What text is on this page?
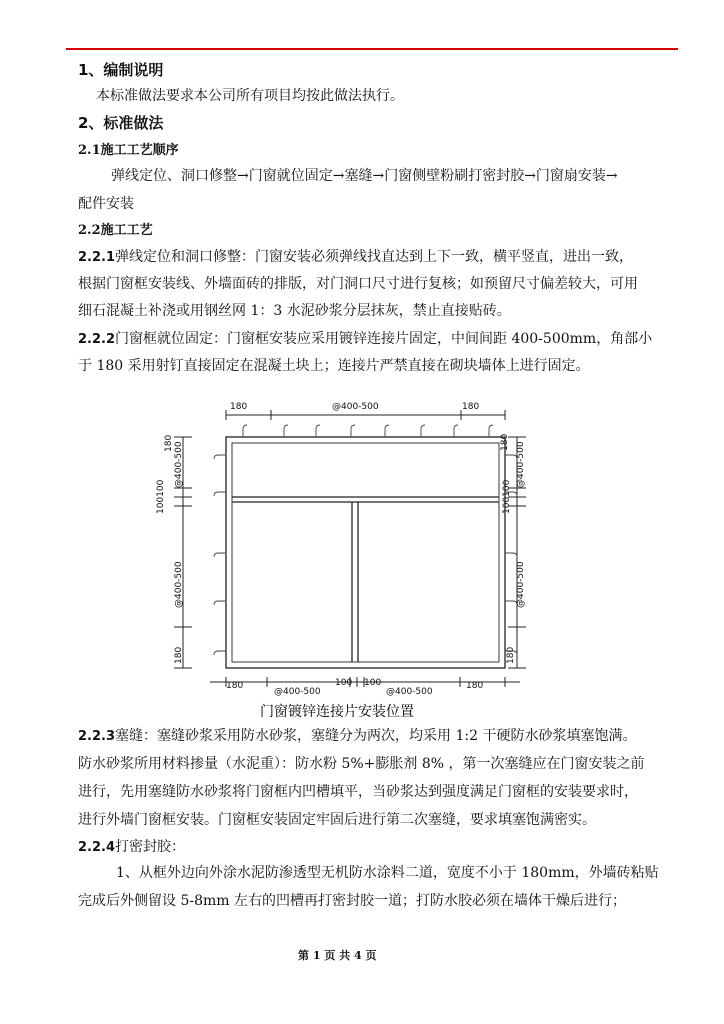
1、编制说明
本标准做法要求本公司所有项目均按此做法执行。
2、标准做法
2.1施工工艺顺序
弹线定位、洞口修整→门窗就位固定→塞缝→门窗侧壁粉刷打密封胶→门窗扇安装→
配件安装
2.2施工工艺
2.2.1弹线定位和洞口修整：门窗安装必须弹线找直达到上下一致，横平竖直，进出一致，
根据门窗框安装线、外墙面砖的排版，对门洞口尺寸进行复核；如预留尺寸偏差较大，可用
细石混凝土补浇或用钢丝网 1：3 水泥砂浆分层抹灰，禁止直接贴砖。
2.2.2门窗框就位固定：门窗框安装应采用镀锌连接片固定，中间间距 400-500mm，角部小
于 180 采用射钉直接固定在混凝土块上；连接片严禁直接在砌块墙体上进行固定。
180	@400-500	180
180 @400-500
100100
@400-500
180
180 @400-500
100100
@400-500
180
180
@400-500
100 100
@400-500
180
门窗镀锌连接片安装位置
2.2.3塞缝：塞缝砂浆采用防水砂浆，塞缝分为两次，均采用 1:2 干硬防水砂浆填塞饱满。
防水砂浆所用材料掺量（水泥重）：防水粉 5%+膨胀剂 8% ，第一次塞缝应在门窗安装之前
进行，先用塞缝防水砂浆将门窗框内凹槽填平，当砂浆达到强度满足门窗框的安装要求时，
进行外墙门窗框安装。门窗框安装固定牢固后进行第二次塞缝，要求填塞饱满密实。
2.2.4打密封胶：
1、从框外边向外涂水泥防渗透型无机防水涂料二道，宽度不小于 180mm，外墙砖粘贴
完成后外侧留设 5-8mm 左右的凹槽再打密封胶一道；打防水胶必须在墙体干燥后进行；
第 1 页 共 4 页
